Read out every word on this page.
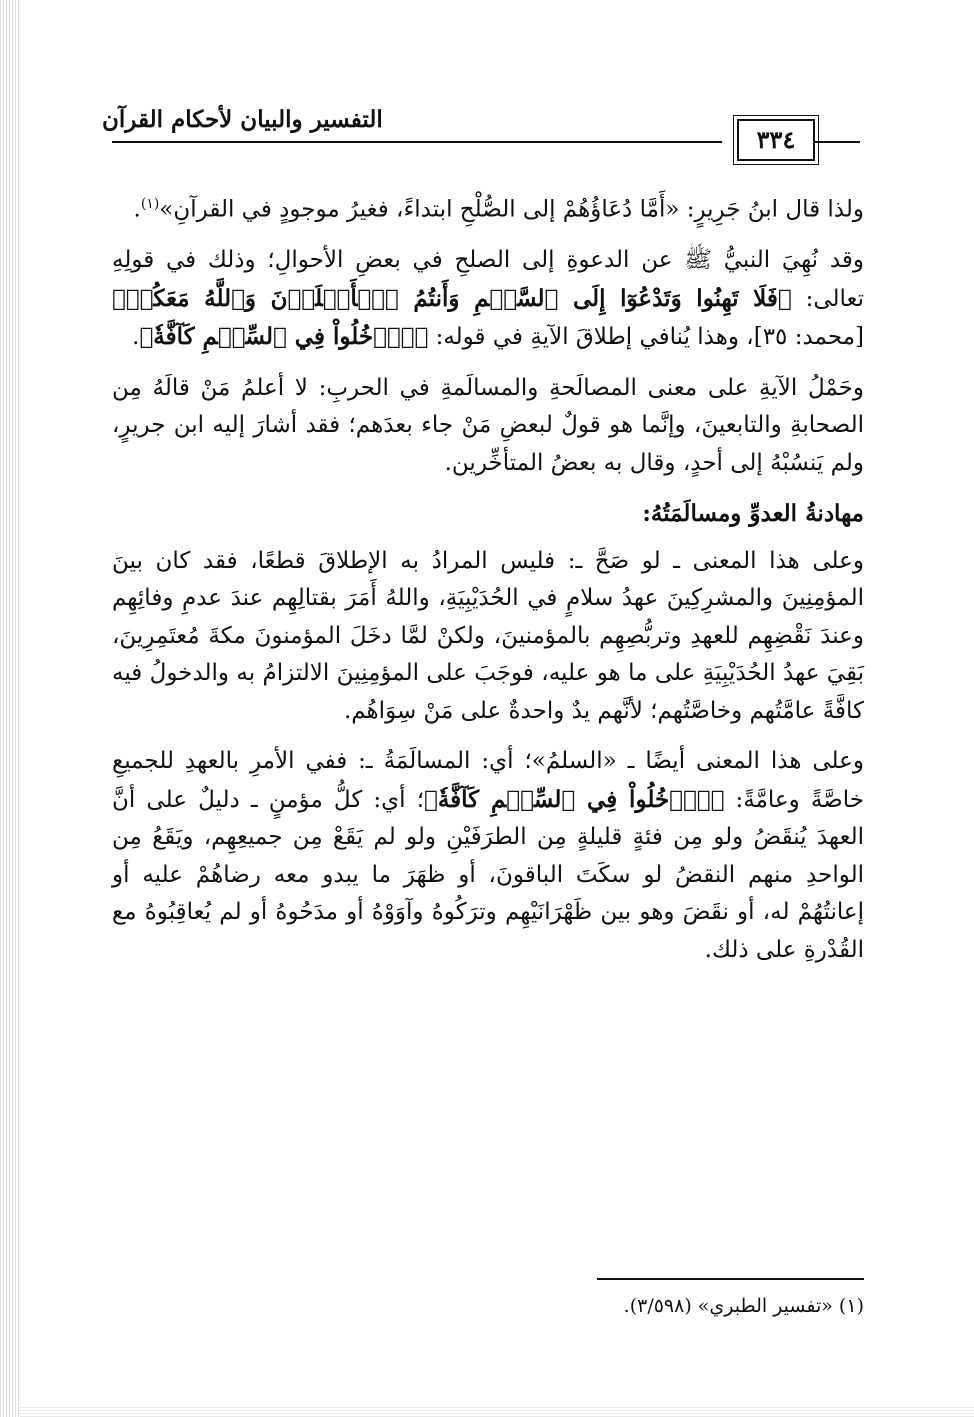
التفسير والبيان لأحكام القرآن
٣٣٤

ولذا قال ابنُ جَرِيرٍ: «أَمَّا دُعَاؤُهُمْ إلى الصُّلْحِ ابتداءً، فغيرُ موجودٍ في القرآنِ»$^{(١)}$.

وقد نُهِيَ النبيُّ ﷺ عن الدعوةِ إلى الصلحِ في بعضِ الأحوالِ؛ وذلك في قولِهِ تعالى: ﴿فَلَا تَهِنُوا وَتَدْعُوٓا إِلَى ٱلسَّلۡمِ وَأَنتُمُ ٱلۡأَعۡلَوۡنَ وَٱللَّهُ مَعَكُمۡ﴾ [محمد: ٣٥]، وهذا يُنافي إطلاقَ الآيةِ في قوله: ﴿ٱدۡخُلُواْ فِي ٱلسِّلۡمِ كَآفَّةٗ﴾.

وحَمْلُ الآيةِ على معنى المصالَحةِ والمسالَمةِ في الحربِ: لا أعلمُ مَنْ قالَهُ مِن الصحابةِ والتابعينَ، وإنَّما هو قولٌ لبعضِ مَنْ جاء بعدَهم؛ فقد أشارَ إليه ابن جريرٍ، ولم يَنسُبْهُ إلى أحدٍ، وقال به بعضُ المتأخِّرين.

مهادنةُ العدوِّ ومسالَمَتُهُ:

وعلى هذا المعنى ـ لو صَحَّ ـ: فليس المرادُ به الإطلاقَ قطعًا، فقد كان بينَ المؤمِنِينَ والمشرِكِينَ عهدُ سلامٍ في الحُدَيْبِيَةِ، واللهُ أَمَرَ بقتالِهِم عندَ عدمِ وفائِهِم وعندَ نَقْضِهِم للعهدِ وتربُّصِهِم بالمؤمنينَ، ولكنْ لمَّا دخَلَ المؤمنونَ مكةَ مُعتَمِرِينَ، بَقِيَ عهدُ الحُدَيْبِيَةِ على ما هو عليه، فوجَبَ على المؤمِنِينَ الالتزامُ به والدخولُ فيه كافَّةً عامَّتُهم وخاصَّتُهم؛ لأنَّهم يدٌ واحدةٌ على مَنْ سِوَاهُم.

وعلى هذا المعنى أيضًا ـ «السلمُ»؛ أي: المسالَمَةُ ـ: ففي الأمرِ بالعهدِ للجميعِ خاصَّةً وعامَّةً: ﴿ٱدۡخُلُواْ فِي ٱلسِّلۡمِ كَآفَّةٗ﴾؛ أي: كلُّ مؤمنٍ ـ دليلٌ على أنَّ العهدَ يُنقَضُ ولو مِن فئةٍ قليلةٍ مِن الطرَفَيْنِ ولو لم يَقَعْ مِن جميعِهِم، ويَقَعُ مِن الواحدِ منهم النقضُ لو سكَتَ الباقونَ، أو ظهَرَ ما يبدو معه رضاهُمْ عليه أو إعانتُهُمْ له، أو نقَضَ وهو بين ظَهْرَانَيْهِم وترَكُوهُ وآوَوْهُ أو مدَحُوهُ أو لم يُعاقِبُوهُ مع القُدْرةِ على ذلك.

(١) «تفسير الطبري» (٣/٥٩٨).
